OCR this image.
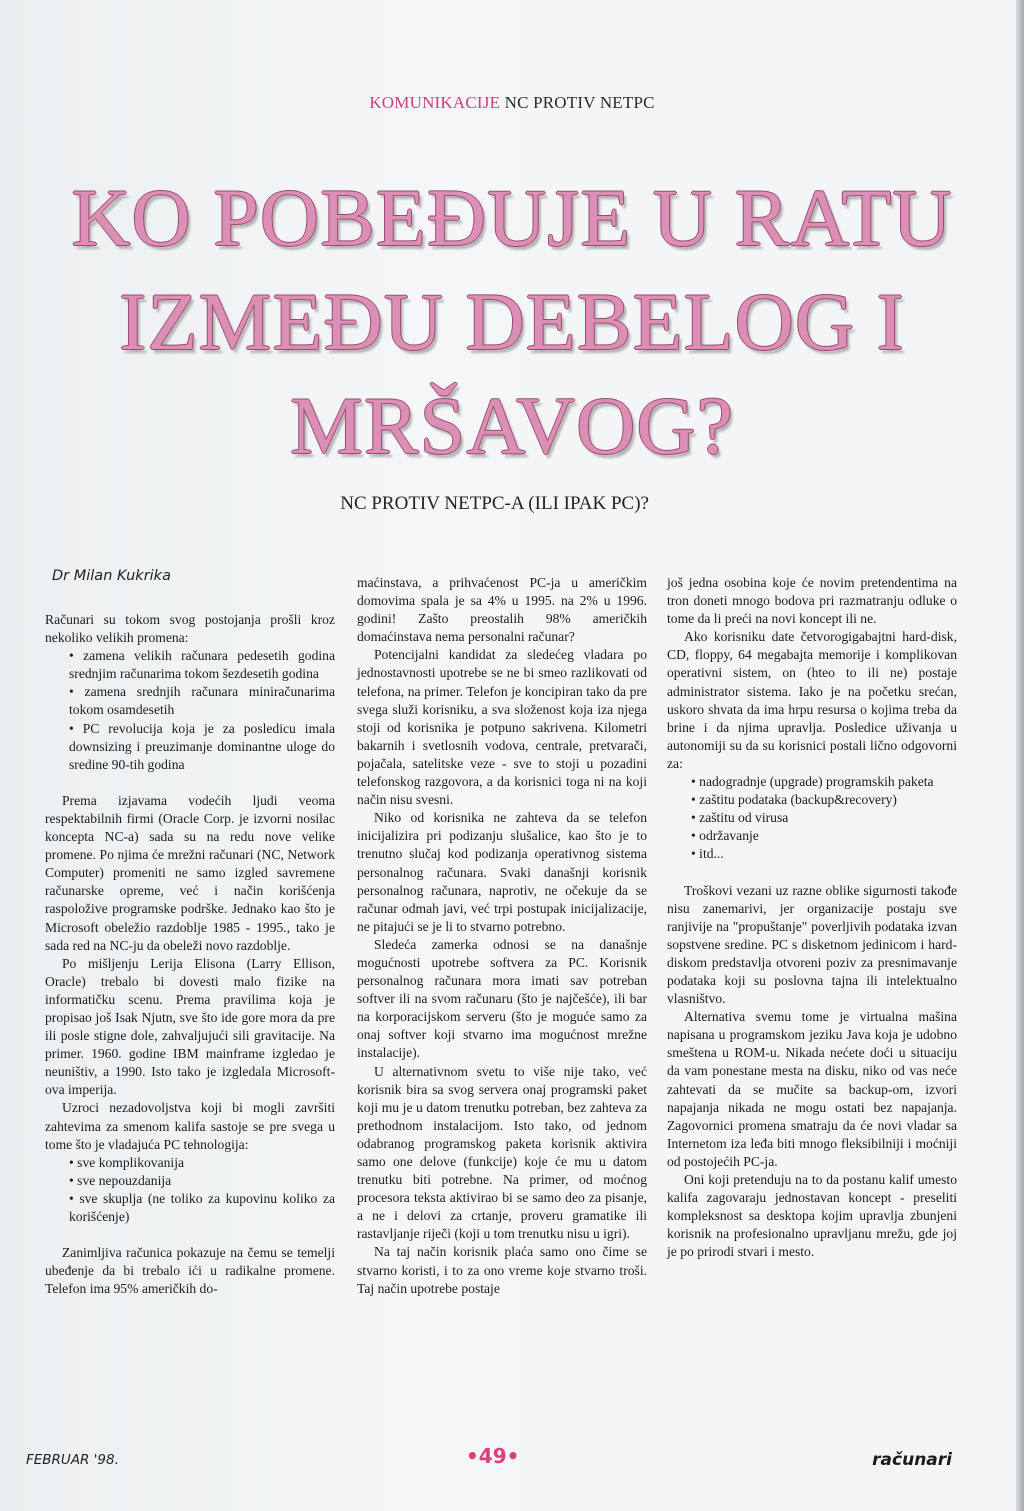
KOMUNIKACIJE NC PROTIV NETPC
KO POBEĐUJE U RATU
IZMEĐU DEBELOG I
MRŠAVOG?
NC PROTIV NETPC-A (ILI IPAK PC)?
Dr Milan Kukrika

Računari su tokom svog postojanja prošli kroz nekoliko velikih promena:

• zamena velikih računara pedesetih godina srednjim računarima tokom šezdesetih godina

• zamena srednjih računara miniračunarima tokom osamdesetih

• PC revolucija koja je za posledicu imala downsizing i preuzimanje dominantne uloge do sredine 90-tih godina

Prema izjavama vodećih ljudi veoma respektabilnih firmi (Oracle Corp. je izvorni nosilac koncepta NC-a) sada su na redu nove velike promene. Po njima će mrežni računari (NC, Network Computer) promeniti ne samo izgled savremene računarske opreme, već i način korišćenja raspoložive programske podrške. Jednako kao što je Microsoft obeležio razdoblje 1985 - 1995., tako je sada red na NC-ju da obeleži novo razdoblje.

Po mišljenju Lerija Elisona (Larry Ellison, Oracle) trebalo bi dovesti malo fizike na informatičku scenu. Prema pravilima koja je propisao još Isak Njutn, sve što ide gore mora da pre ili posle stigne dole, zahvaljujući sili gravitacije. Na primer. 1960. godine IBM mainframe izgledao je neuništiv, a 1990. Isto tako je izgledala Microsoft-ova imperija.

Uzroci nezadovoljstva koji bi mogli završiti zahtevima za smenom kalifa sastoje se pre svega u tome što je vladajuća PC tehnologija:

• sve komplikovanija

• sve nepouzdanija

• sve skuplja (ne toliko za kupovinu koliko za korišćenje)

Zanimljiva računica pokazuje na čemu se temelji ubeđenje da bi trebalo ići u radikalne promene. Telefon ima 95% američkih do-

maćinstava, a prihvaćenost PC-ja u američkim domovima spala je sa 4% u 1995. na 2% u 1996. godini! Zašto preostalih 98% američkih domaćinstava nema personalni računar?

Potencijalni kandidat za sledećeg vladara po jednostavnosti upotrebe se ne bi smeo razlikovati od telefona, na primer. Telefon je koncipiran tako da pre svega služi korisniku, a sva složenost koja iza njega stoji od korisnika je potpuno sakrivena. Kilometri bakarnih i svetlosnih vodova, centrale, pretvarači, pojačala, satelitske veze - sve to stoji u pozadini telefonskog razgovora, a da korisnici toga ni na koji način nisu svesni.

Niko od korisnika ne zahteva da se telefon inicijalizira pri podizanju slušalice, kao što je to trenutno slučaj kod podizanja operativnog sistema personalnog računara. Svaki današnji korisnik personalnog računara, naprotiv, ne očekuje da se računar odmah javi, već trpi postupak inicijalizacije, ne pitajući se je li to stvarno potrebno.

Sledeća zamerka odnosi se na današnje mogućnosti upotrebe softvera za PC. Korisnik personalnog računara mora imati sav potreban softver ili na svom računaru (što je najčešće), ili bar na korporacijskom serveru (što je moguće samo za onaj softver koji stvarno ima mogućnost mrežne instalacije).

U alternativnom svetu to više nije tako, već korisnik bira sa svog servera onaj programski paket koji mu je u datom trenutku potreban, bez zahteva za prethodnom instalacijom. Isto tako, od jednom odabranog programskog paketa korisnik aktivira samo one delove (funkcije) koje će mu u datom trenutku biti potrebne. Na primer, od moćnog procesora teksta aktivirao bi se samo deo za pisanje, a ne i delovi za crtanje, proveru gramatike ili rastavljanje riječi (koji u tom trenutku nisu u igri).

Na taj način korisnik plaća samo ono čime se stvarno koristi, i to za ono vreme koje stvarno troši. Taj način upotrebe postaje

još jedna osobina koje će novim pretendentima na tron doneti mnogo bodova pri razmatranju odluke o tome da li preći na novi koncept ili ne.

Ako korisniku date četvorogigabajtni hard-disk, CD, floppy, 64 megabajta memorije i komplikovan operativni sistem, on (hteo to ili ne) postaje administrator sistema. Iako je na početku srećan, uskoro shvata da ima hrpu resursa o kojima treba da brine i da njima upravlja. Posledice uživanja u autonomiji su da su korisnici postali lično odgovorni za:

• nadogradnje (upgrade) programskih paketa

• zaštitu podataka (backup&recovery)

• zaštitu od virusa

• održavanje

• itd...

Troškovi vezani uz razne oblike sigurnosti takođe nisu zanemarivi, jer organizacije postaju sve ranjivije na "propuštanje" poverljivih podataka izvan sopstvene sredine. PC s disketnom jedinicom i hard-diskom predstavlja otvoreni poziv za presnimavanje podataka koji su poslovna tajna ili intelektualno vlasništvo.

Alternativa svemu tome je virtualna mašina napisana u programskom jeziku Java koja je udobno smeštena u ROM-u. Nikada nećete doći u situaciju da vam ponestane mesta na disku, niko od vas neće zahtevati da se mučite sa backup-om, izvori napajanja nikada ne mogu ostati bez napajanja. Zagovornici promena smatraju da će novi vladar sa Internetom iza leđa biti mnogo fleksibilniji i moćniji od postojećih PC-ja.

Oni koji pretenduju na to da postanu kalif umesto kalifa zagovaraju jednostavan koncept - preseliti kompleksnost sa desktopa kojim upravlja zbunjeni korisnik na profesionalno upravljanu mrežu, gde joj je po prirodi stvari i mesto.

FEBRUAR '98.	•49•	računari
